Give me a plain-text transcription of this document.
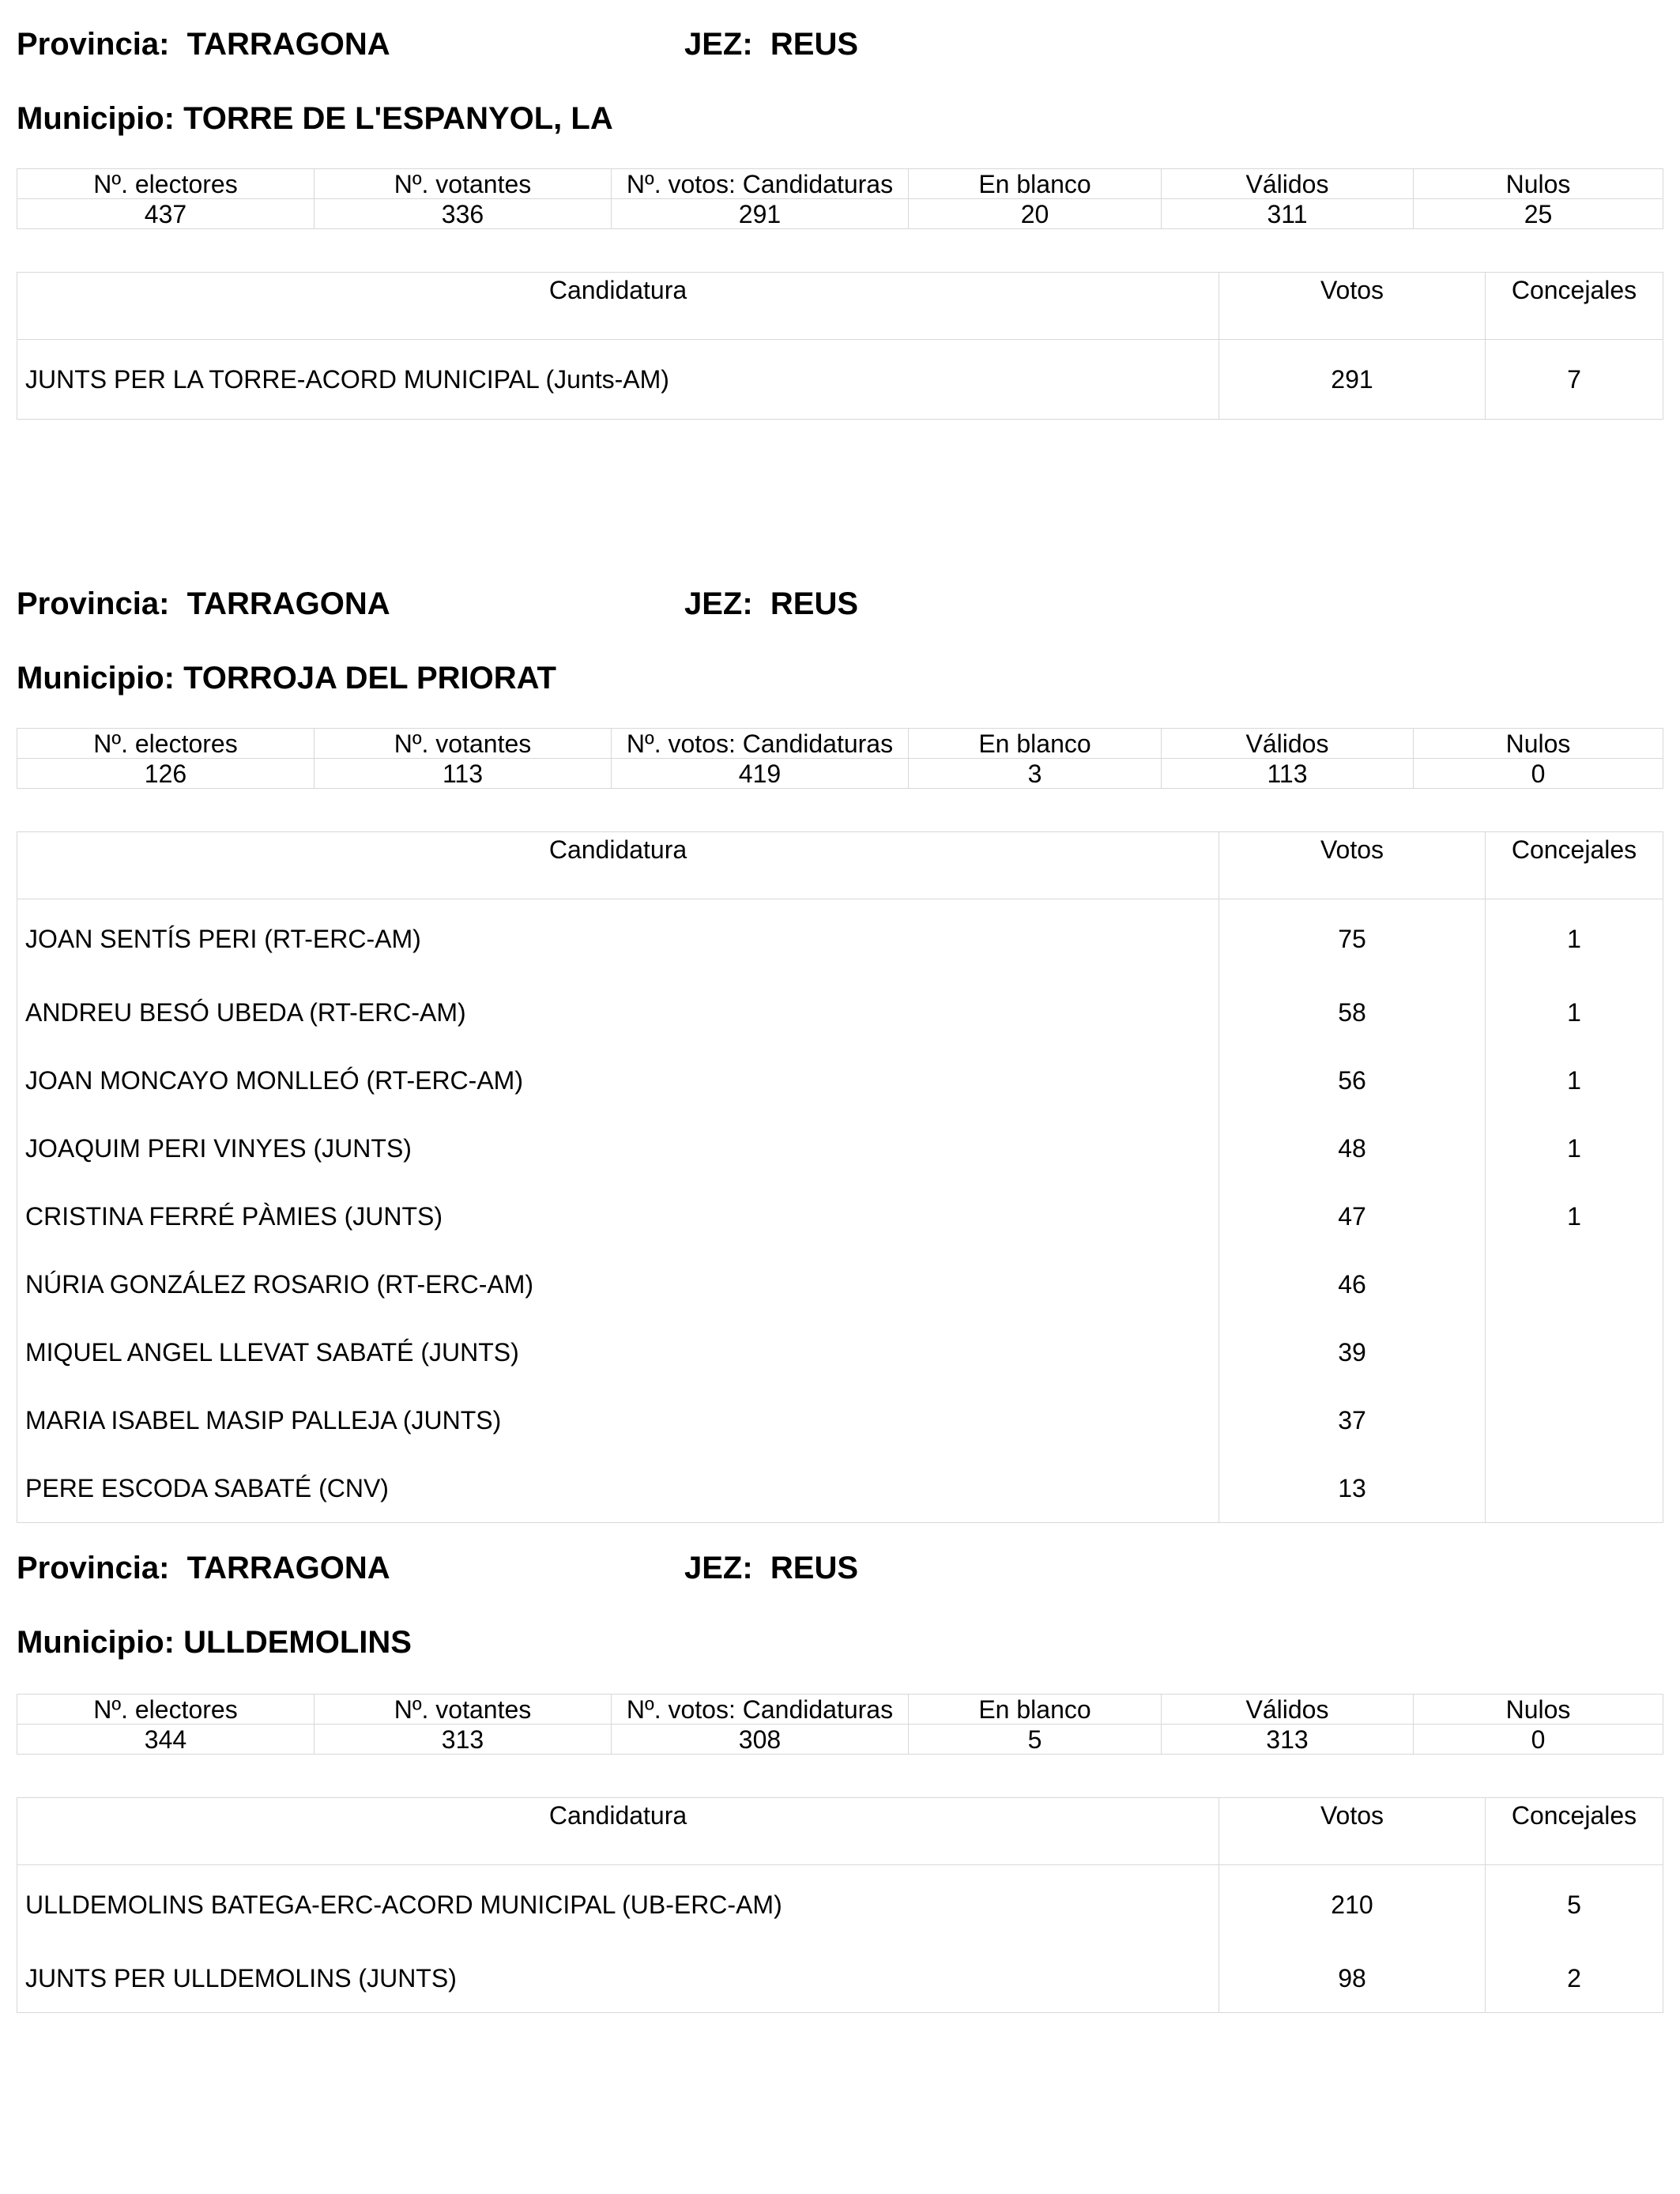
Provincia: TARRAGONA	JEZ: REUS
Municipio: TORRE DE L'ESPANYOL, LA
Nº. electores	Nº. votantes	Nº. votos: Candidaturas	En blanco	Válidos	Nulos
437	336	291	20	311	25
Candidatura	Votos	Concejales
JUNTS PER LA TORRE-ACORD MUNICIPAL (Junts-AM)	291	7
Provincia: TARRAGONA	JEZ: REUS
Municipio: TORROJA DEL PRIORAT
Nº. electores	Nº. votantes	Nº. votos: Candidaturas	En blanco	Válidos	Nulos
126	113	419	3	113	0
Candidatura	Votos	Concejales
JOAN SENTÍS PERI (RT-ERC-AM)	75	1
ANDREU BESÓ UBEDA (RT-ERC-AM)	58	1
JOAN MONCAYO MONLLEÓ (RT-ERC-AM)	56	1
JOAQUIM PERI VINYES (JUNTS)	48	1
CRISTINA FERRÉ PÀMIES (JUNTS)	47	1
NÚRIA GONZÁLEZ ROSARIO (RT-ERC-AM)	46	
MIQUEL ANGEL LLEVAT SABATÉ (JUNTS)	39	
MARIA ISABEL MASIP PALLEJA (JUNTS)	37	
PERE ESCODA SABATÉ (CNV)	13	
Provincia: TARRAGONA	JEZ: REUS
Municipio: ULLDEMOLINS
Nº. electores	Nº. votantes	Nº. votos: Candidaturas	En blanco	Válidos	Nulos
344	313	308	5	313	0
Candidatura	Votos	Concejales
ULLDEMOLINS BATEGA-ERC-ACORD MUNICIPAL (UB-ERC-AM)	210	5
JUNTS PER ULLDEMOLINS (JUNTS)	98	2
